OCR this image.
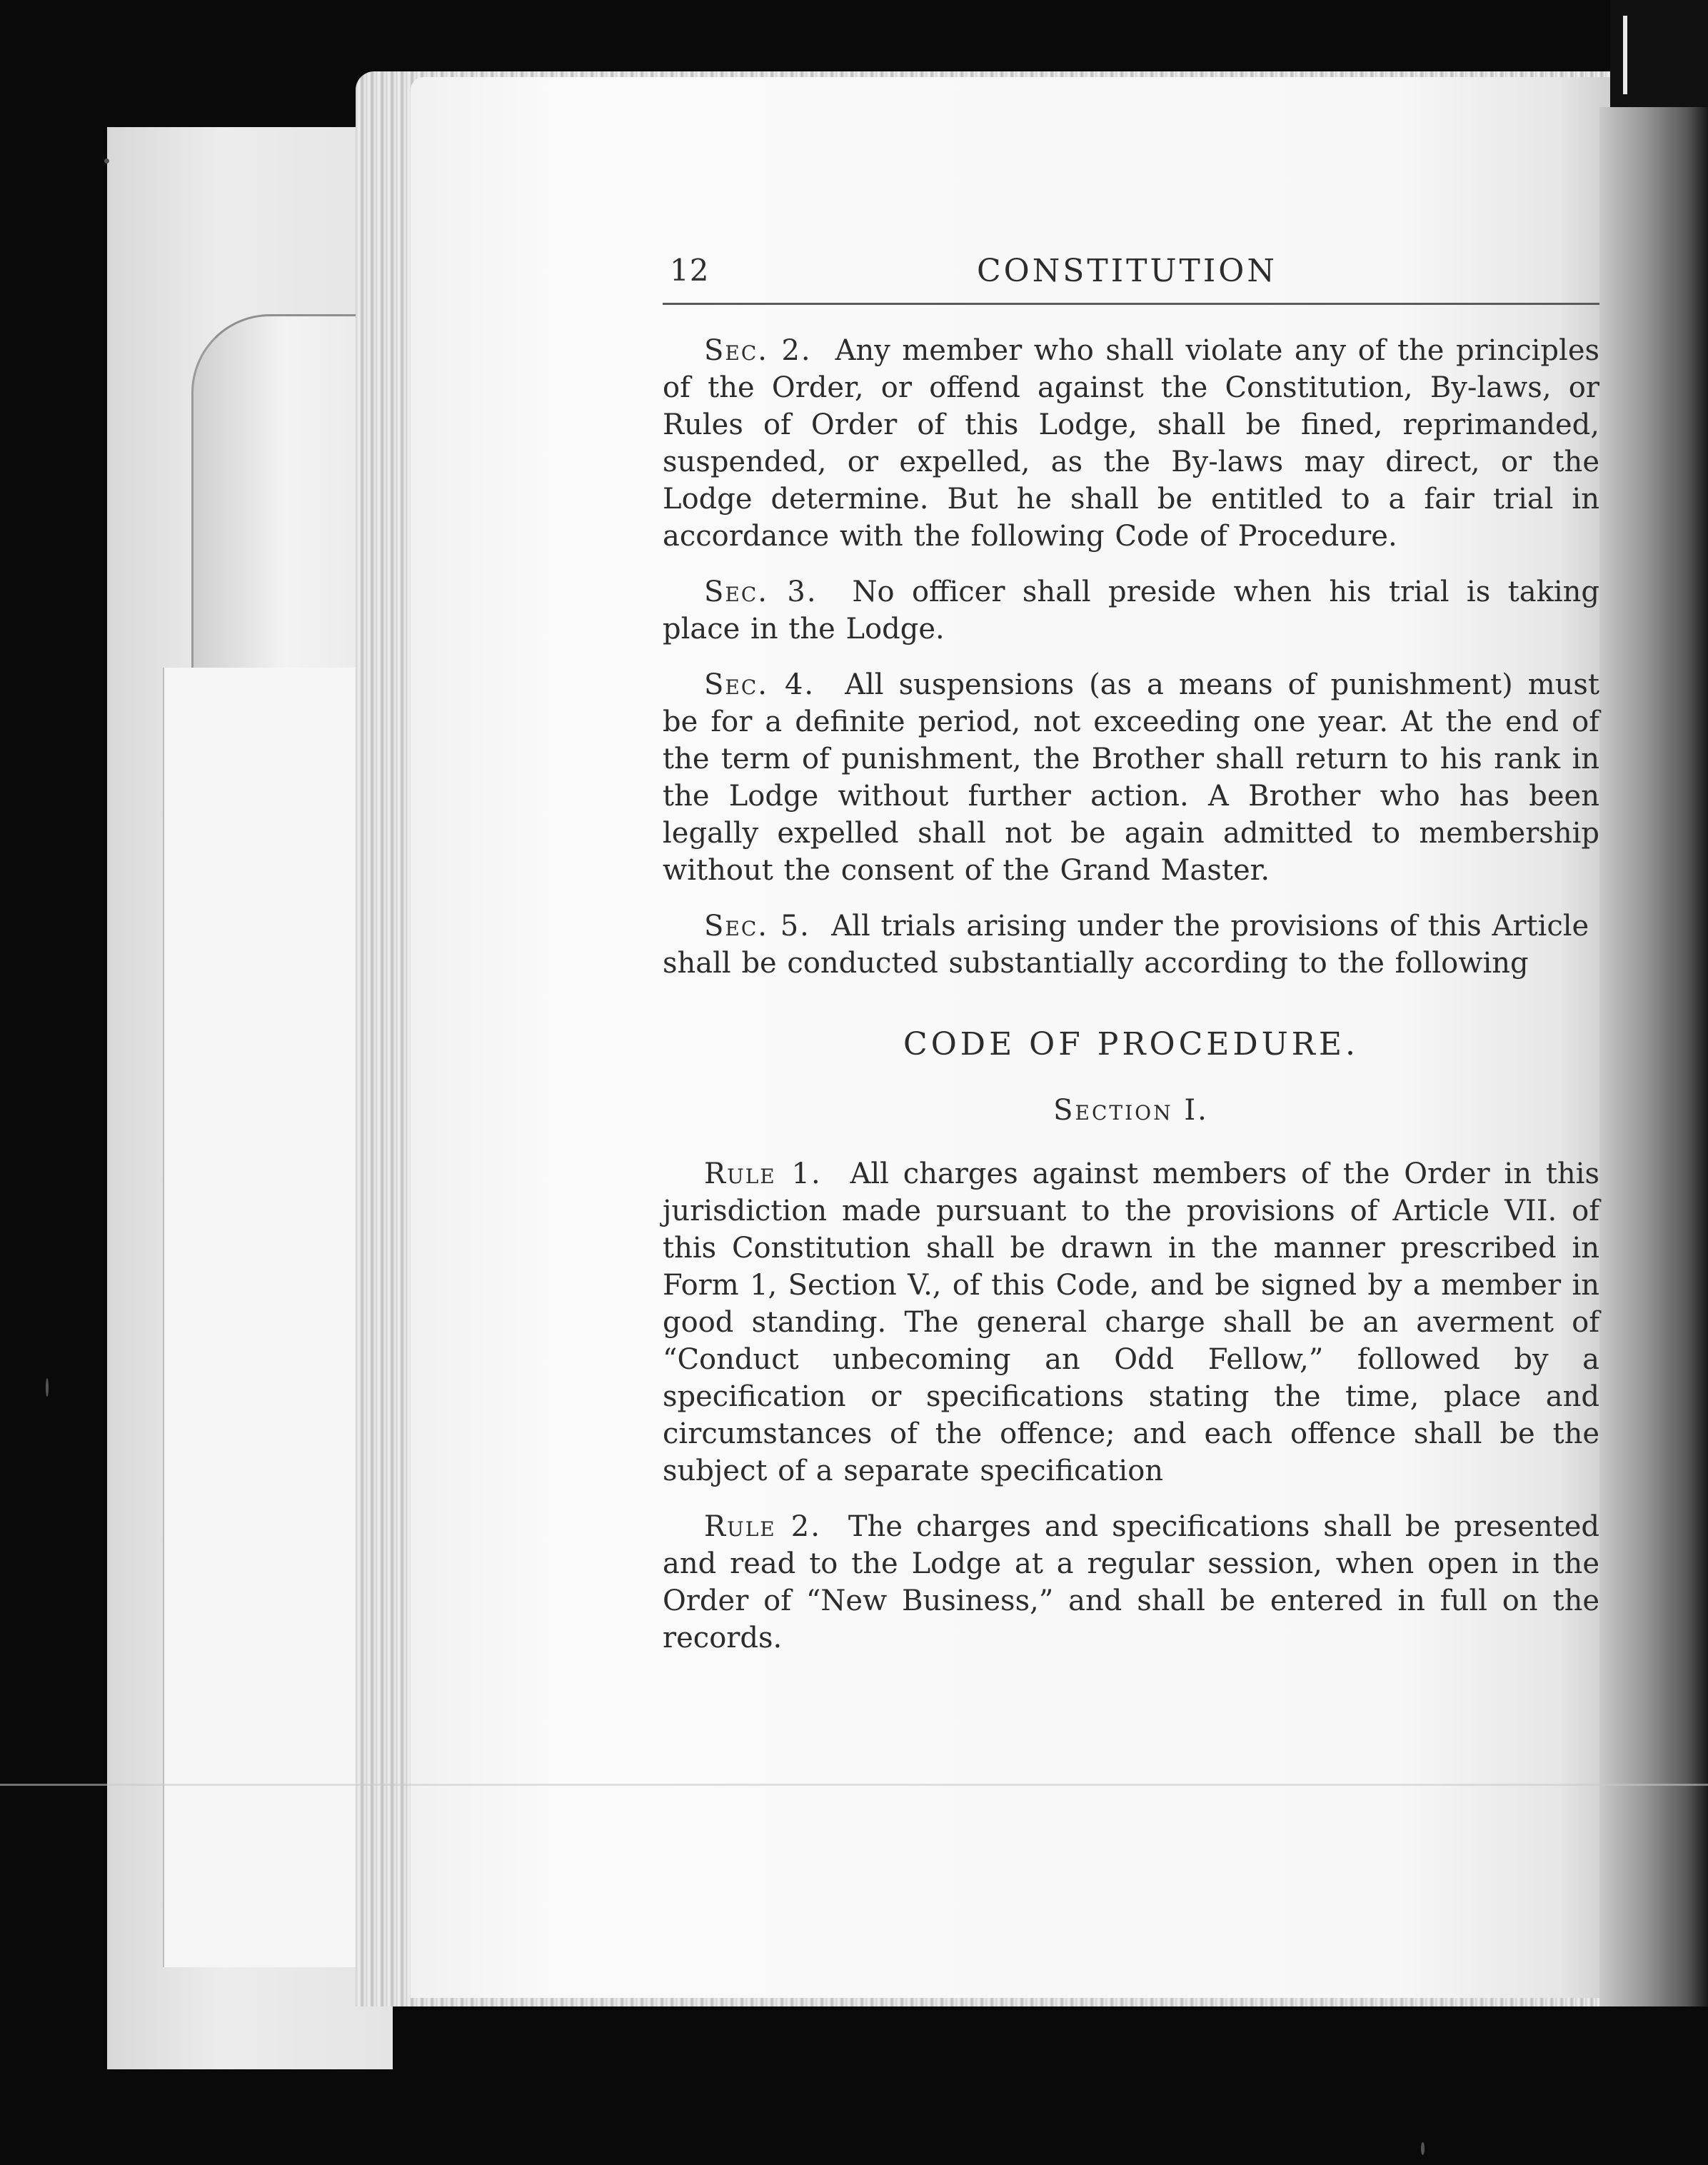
12	CONSTITUTION

Sec. 2. Any member who shall violate any of the principles of the Order, or offend against the Constitution, By-laws, or Rules of Order of this Lodge, shall be fined, reprimanded, suspended, or expelled, as the By-laws may direct, or the Lodge determine. But he shall be entitled to a fair trial in accordance with the following Code of Procedure.

Sec. 3. No officer shall preside when his trial is taking place in the Lodge.

Sec. 4. All suspensions (as a means of punishment) must be for a definite period, not exceeding one year. At the end of the term of punishment, the Brother shall return to his rank in the Lodge without further action. A Brother who has been legally expelled shall not be again admitted to membership without the consent of the Grand Master.

Sec. 5. All trials arising under the provisions of this Article shall be conducted substantially according to the following

CODE OF PROCEDURE.
Section I.

Rule 1. All charges against members of the Order in this jurisdiction made pursuant to the provisions of Article VII. of this Constitution shall be drawn in the manner prescribed in Form 1, Section V., of this Code, and be signed by a member in good standing. The general charge shall be an averment of “Conduct unbecoming an Odd Fellow,” followed by a specification or specifications stating the time, place and circumstances of the offence; and each offence shall be the subject of a separate specification

Rule 2. The charges and specifications shall be presented and read to the Lodge at a regular session, when open in the Order of “New Business,” and shall be entered in full on the records.
